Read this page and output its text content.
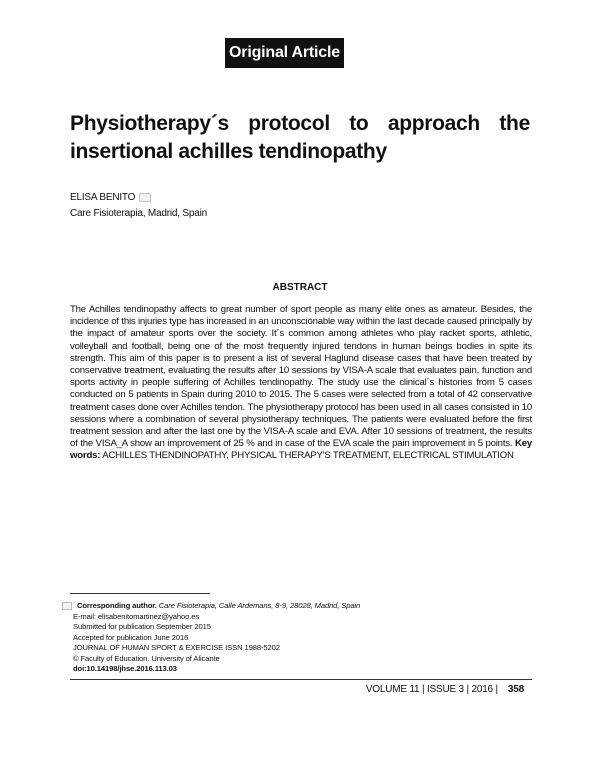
Original Article
Physiotherapy´s protocol to approach the
insertional achilles tendinopathy
ELISA BENITO
Care Fisioterapia, Madrid, Spain
ABSTRACT
The Achilles tendinopathy affects to great number of sport people as many elite ones as amateur. Besides, the incidence of this injuries type has increased in an unconscionable way within the last decade caused principally by the impact of amateur sports over the society. It´s common among athletes who play racket sports, athletic, volleyball and football, being one of the most frequently injured tendons in human beings bodies in spite its strength. This aim of this paper is to present a list of several Haglund disease cases that have been treated by conservative treatment, evaluating the results after 10 sessions by VISA-A scale that evaluates pain, function and sports activity in people suffering of Achilles tendinopathy. The study use the clinical´s histories from 5 cases conducted on 5 patients in Spain during 2010 to 2015. The 5 cases were selected from a total of 42 conservative treatment cases done over Achilles tendon. The physiotherapy protocol has been used in all cases consisted in 10 sessions where a combination of several physiotherapy techniques. The patients were evaluated before the first treatment session and after the last one by the VISA-A scale and EVA. After 10 sessions of treatment, the results of the VISA_A show an improvement of 25 % and in case of the EVA scale the pain improvement in 5 points. Key words: ACHILLES THENDINOPATHY, PHYSICAL THERAPY'S TREATMENT, ELECTRICAL STIMULATION
Corresponding author.
Care Fisioterapia, Calle Ardemans, 8-9, 28028, Madrid, Spain
E-mail: elisabenitomartinez@yahoo.es
Submitted for publication September 2015
Accepted for publication June 2016
JOURNAL OF HUMAN SPORT & EXERCISE ISSN 1988-5202
© Faculty of Education. University of Alicante
doi:10.14198/jhse.2016.113.03
VOLUME 11 | ISSUE 3 | 2016 | 358
